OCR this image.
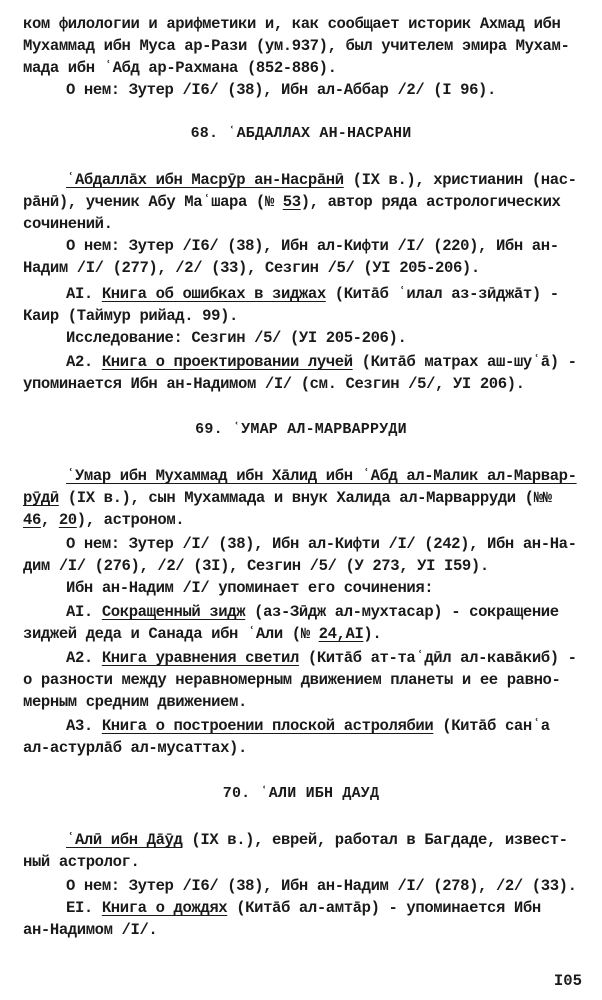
ком филологии и арифметики и, как сообщает историк Ахмад ибн
Мухаммад ибн Муса ар-Рази (ум.937), был учителем эмира Мухам-
мада ибн ʿАбд ар-Рахмана (852-886).
О нем: Зутер /I6/ (38), Ибн ал-Аббар /2/ (I 96).
68. ʿАБДАЛЛАХ АН-НАСРАНИ
ʿАбдаллāх ибн Масрӯр ан-Насрāнӣ (IX в.), христианин (нас-
рāнӣ), ученик Абу Маʿшара (№ 53), автор ряда астрологических
сочинений.
О нем: Зутер /I6/ (38), Ибн ал-Кифти /I/ (220), Ибн ан-
Надим /I/ (277), /2/ (33), Сезгин /5/ (УI 205-206).
AI. Книга об ошибках в зиджах (Китāб ʿилал аз-зӣджāт) -
Каир (Таймур рийад. 99).
Исследование: Сезгин /5/ (УI 205-206).
А2. Книга о проектировании лучей (Китāб матрах аш-шуʿā) -
упоминается Ибн ан-Надимом /I/ (см. Сезгин /5/, УI 206).
69. ʿУМАР АЛ-МАРВАРРУДИ
ʿУмар ибн Мухаммад ибн Хāлид ибн ʿАбд ал-Малик ал-Марвар-
рӯдӣ (IX в.), сын Мухаммада и внук Халида ал-Марварруди (№№
46, 20), астроном.
О нем: Зутер /I/ (38), Ибн ал-Кифти /I/ (242), Ибн ан-На-
дим /I/ (276), /2/ (3I), Сезгин /5/ (У 273, УI I59).
Ибн ан-Надим /I/ упоминает его сочинения:
AI. Сокращенный зидж (аз-Зӣдж ал-мухтасар) - сокращение
зиджей деда и Санада ибн ʿАли (№ 24,AI).
А2. Книга уравнения светил (Китāб ат-таʿдӣл ал-кавāкиб) -
о разности между неравномерным движением планеты и ее равно-
мерным средним движением.
А3. Книга о построении плоской астролябии (Китāб санʿа
ал-астурлāб ал-мусаттах).
70. ʿАЛИ ИБН ДАУД
ʿАлӣ ибн Дāӯд (IX в.), еврей, работал в Багдаде, извест-
ный астролог.
О нем: Зутер /I6/ (38), Ибн ан-Надим /I/ (278), /2/ (33).
EI. Книга о дождях (Китāб ал-амтāр) - упоминается Ибн
ан-Надимом /I/.
I05
